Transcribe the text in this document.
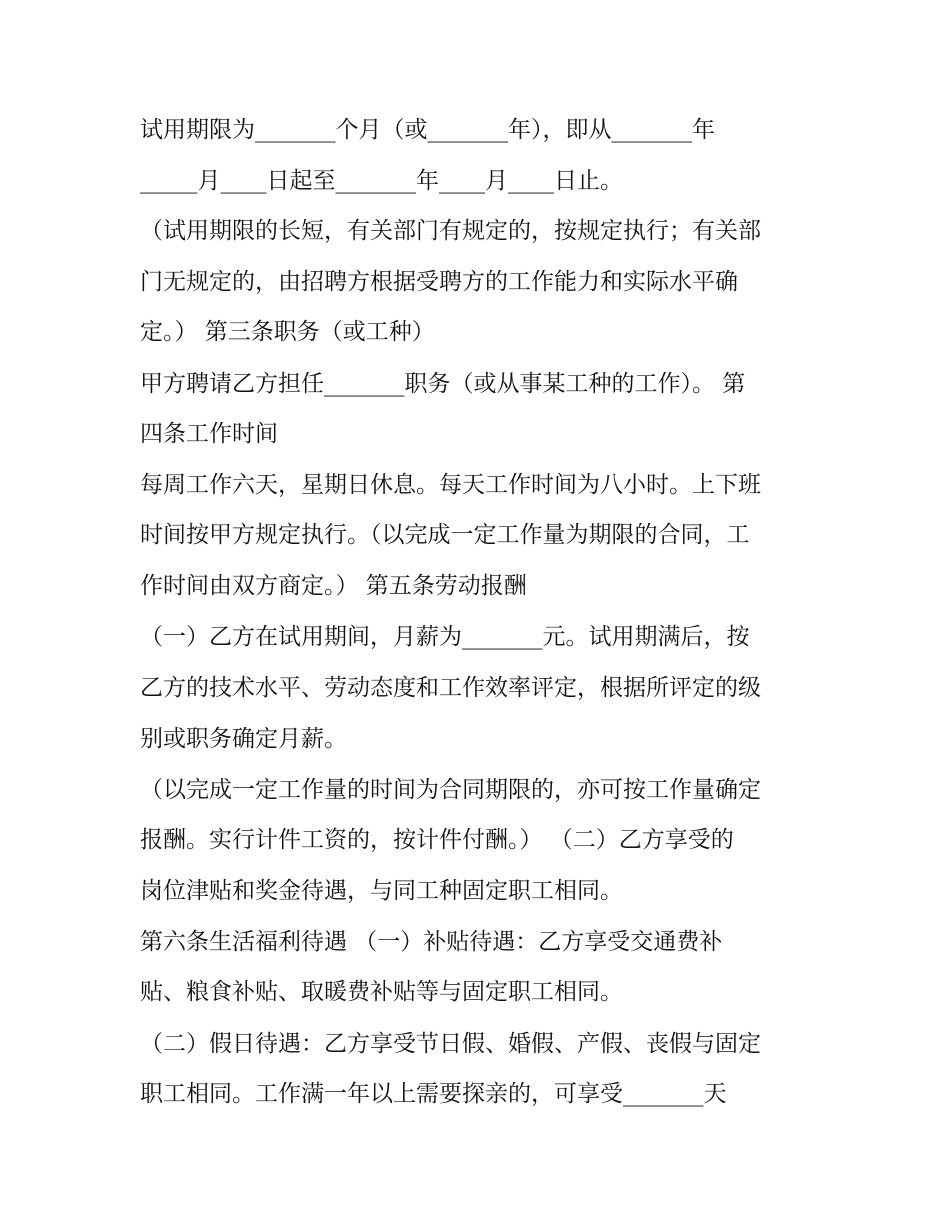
试用期限为_______个月（或_______年），即从_______年
_____月____日起至_______年____月____日止。
（试用期限的长短，有关部门有规定的，按规定执行；有关部
门无规定的，由招聘方根据受聘方的工作能力和实际水平确
定。） 第三条职务（或工种）
甲方聘请乙方担任_______职务（或从事某工种的工作）。 第
四条工作时间
每周工作六天，星期日休息。每天工作时间为八小时。上下班
时间按甲方规定执行。（以完成一定工作量为期限的合同，工
作时间由双方商定。） 第五条劳动报酬
（一）乙方在试用期间，月薪为_______元。试用期满后，按
乙方的技术水平、劳动态度和工作效率评定，根据所评定的级
别或职务确定月薪。
（以完成一定工作量的时间为合同期限的，亦可按工作量确定
报酬。实行计件工资的，按计件付酬。） （二）乙方享受的
岗位津贴和奖金待遇，与同工种固定职工相同。
第六条生活福利待遇 （一）补贴待遇：乙方享受交通费补
贴、粮食补贴、取暖费补贴等与固定职工相同。
（二）假日待遇：乙方享受节日假、婚假、产假、丧假与固定
职工相同。工作满一年以上需要探亲的，可享受_______天
